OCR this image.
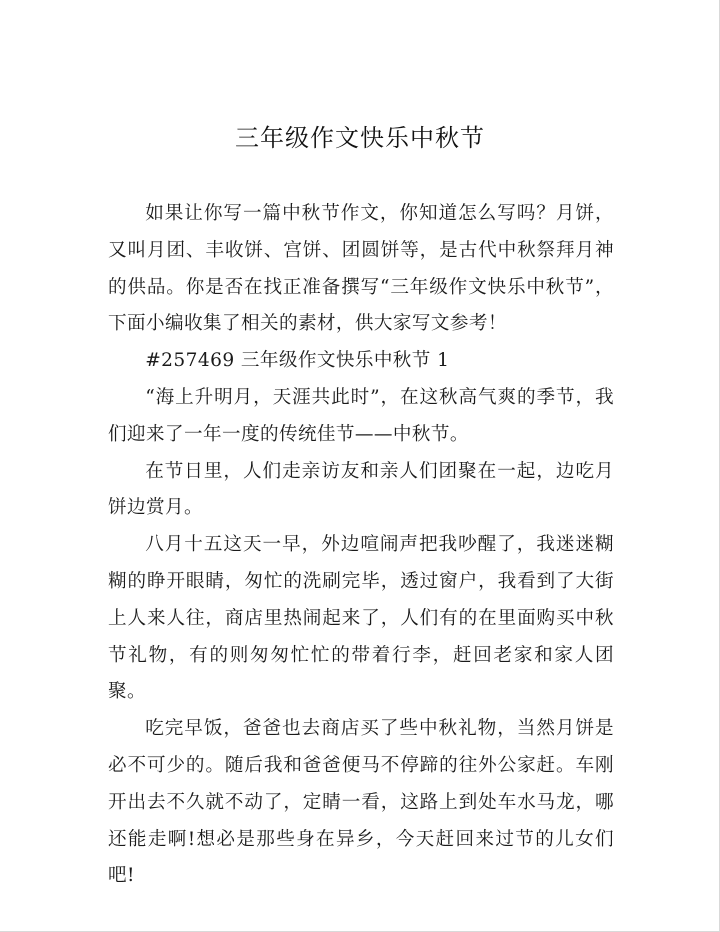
三年级作文快乐中秋节

如果让你写一篇中秋节作文，你知道怎么写吗？月饼，又叫月团、丰收饼、宫饼、团圆饼等，是古代中秋祭拜月神的供品。你是否在找正准备撰写“三年级作文快乐中秋节”，下面小编收集了相关的素材，供大家写文参考！

#257469 三年级作文快乐中秋节 1

“海上升明月，天涯共此时”，在这秋高气爽的季节，我们迎来了一年一度的传统佳节——中秋节。

在节日里，人们走亲访友和亲人们团聚在一起，边吃月饼边赏月。

八月十五这天一早，外边喧闹声把我吵醒了，我迷迷糊糊的睁开眼睛，匆忙的洗刷完毕，透过窗户，我看到了大街上人来人往，商店里热闹起来了，人们有的在里面购买中秋节礼物，有的则匆匆忙忙的带着行李，赶回老家和家人团聚。

吃完早饭，爸爸也去商店买了些中秋礼物，当然月饼是必不可少的。随后我和爸爸便马不停蹄的往外公家赶。车刚开出去不久就不动了，定睛一看，这路上到处车水马龙，哪还能走啊!想必是那些身在异乡，今天赶回来过节的儿女们吧!
